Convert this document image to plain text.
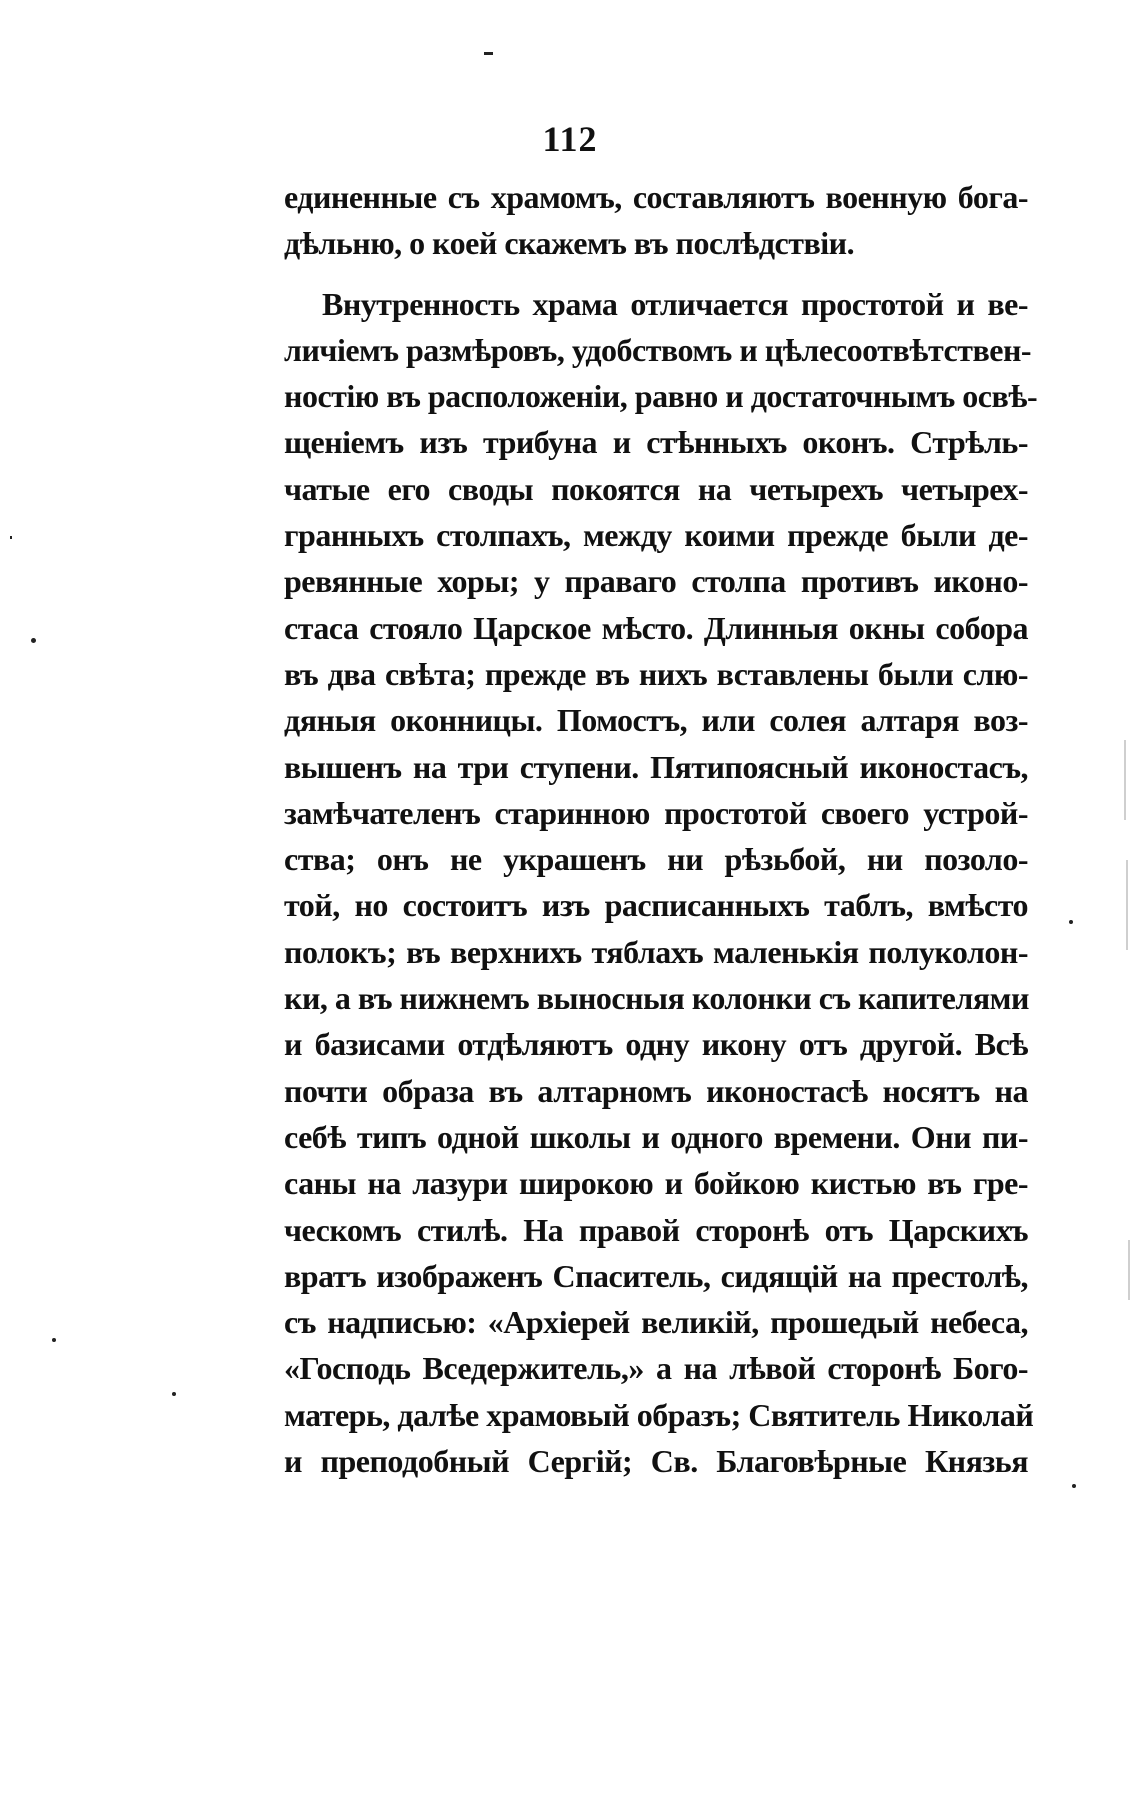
112
единенные съ храмомъ, составляютъ военную бога-
дѣльню, о коей скажемъ въ послѣдствіи.
Внутренность храма отличается простотой и ве-
личіемъ размѣровъ, удобствомъ и цѣлесоотвѣтствен-
ностію въ расположеніи, равно и достаточнымъ освѣ-
щеніемъ изъ трибуна и стѣнныхъ оконъ. Стрѣль-
чатые его своды покоятся на четырехъ четырех-
гранныхъ столпахъ, между коими прежде были де-
ревянные хоры; у праваго столпа противъ иконо-
стаса стояло Царское мѣсто. Длинныя окны собора
въ два свѣта; прежде въ нихъ вставлены были слю-
дяныя оконницы. Помостъ, или солея алтаря воз-
вышенъ на три ступени. Пятипоясный иконостасъ,
замѣчателенъ старинною простотой своего устрой-
ства; онъ не украшенъ ни рѣзьбой, ни позоло-
той, но состоитъ изъ расписанныхъ таблъ, вмѣсто
полокъ; въ верхнихъ тяблахъ маленькія полуколон-
ки, а въ нижнемъ выносныя колонки съ капителями
и базисами отдѣляютъ одну икону отъ другой. Всѣ
почти образа въ алтарномъ иконостасѣ носятъ на
себѣ типъ одной школы и одного времени. Они пи-
саны на лазури широкою и бойкою кистью въ гре-
ческомъ стилѣ. На правой сторонѣ отъ Царскихъ
вратъ изображенъ Спаситель, сидящій на престолѣ,
съ надписью: «Архіерей великій, прошедый небеса,
«Господь Вседержитель,» а на лѣвой сторонѣ Бого-
матерь, далѣе храмовый образъ; Святитель Николай
и преподобный Сергій; Св. Благовѣрные Князья
